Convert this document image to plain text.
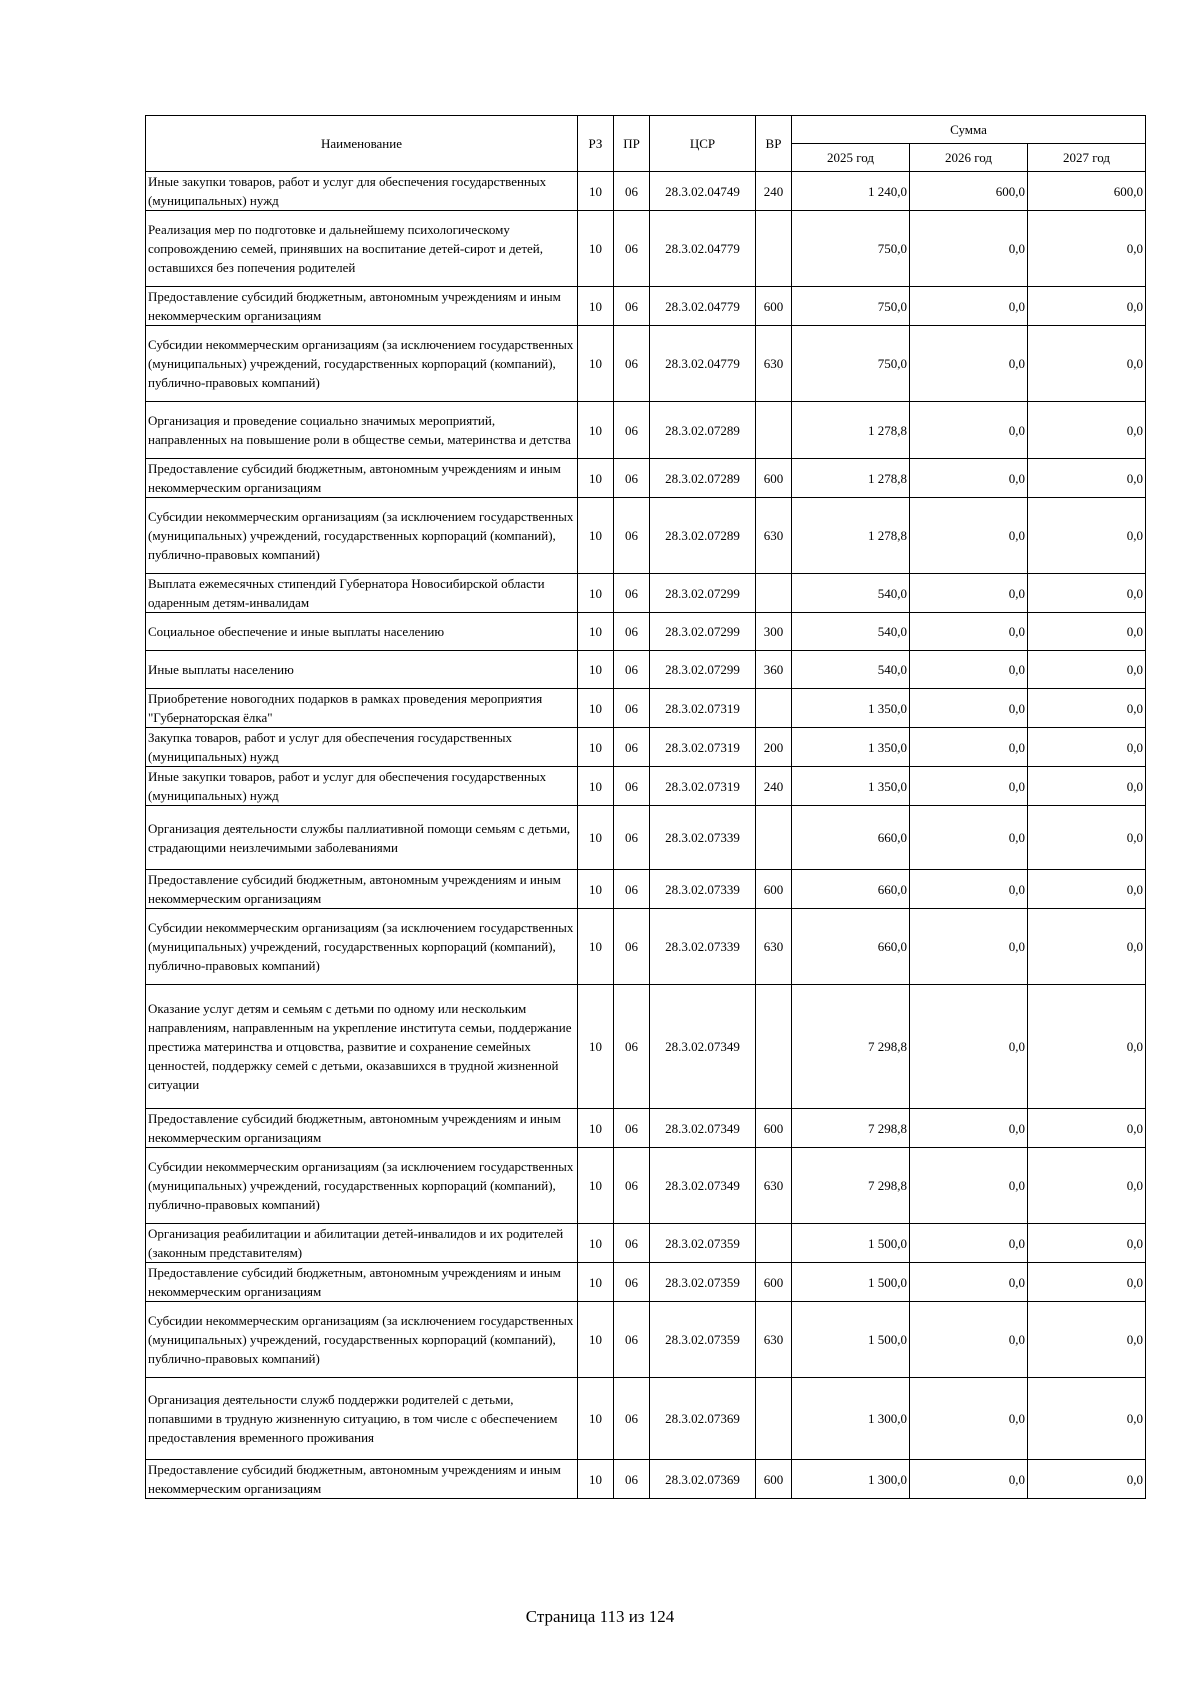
Наименование	РЗ	ПР	ЦСР	ВР	Сумма		
					2025 год	2026 год	2027 год
Иные закупки товаров, работ и услуг для обеспечения государственных (муниципальных) нужд	10	06	28.3.02.04749	240	1 240,0	600,0	600,0
Реализация мер по подготовке и дальнейшему психологическому сопровождению семей, принявших на воспитание детей-сирот и детей, оставшихся без попечения родителей	10	06	28.3.02.04779		750,0	0,0	0,0
Предоставление субсидий бюджетным, автономным учреждениям и иным некоммерческим организациям	10	06	28.3.02.04779	600	750,0	0,0	0,0
Субсидии некоммерческим организациям (за исключением государственных (муниципальных) учреждений, государственных корпораций (компаний), публично-правовых компаний)	10	06	28.3.02.04779	630	750,0	0,0	0,0
Организация и проведение социально значимых мероприятий, направленных на повышение роли в обществе семьи, материнства и детства	10	06	28.3.02.07289		1 278,8	0,0	0,0
Предоставление субсидий бюджетным, автономным учреждениям и иным некоммерческим организациям	10	06	28.3.02.07289	600	1 278,8	0,0	0,0
Субсидии некоммерческим организациям (за исключением государственных (муниципальных) учреждений, государственных корпораций (компаний), публично-правовых компаний)	10	06	28.3.02.07289	630	1 278,8	0,0	0,0
Выплата ежемесячных стипендий Губернатора Новосибирской области одаренным детям-инвалидам	10	06	28.3.02.07299		540,0	0,0	0,0
Социальное обеспечение и иные выплаты населению	10	06	28.3.02.07299	300	540,0	0,0	0,0
Иные выплаты населению	10	06	28.3.02.07299	360	540,0	0,0	0,0
Приобретение новогодних подарков в рамках проведения мероприятия "Губернаторская ёлка"	10	06	28.3.02.07319		1 350,0	0,0	0,0
Закупка товаров, работ и услуг для обеспечения государственных (муниципальных) нужд	10	06	28.3.02.07319	200	1 350,0	0,0	0,0
Иные закупки товаров, работ и услуг для обеспечения государственных (муниципальных) нужд	10	06	28.3.02.07319	240	1 350,0	0,0	0,0
Организация деятельности службы паллиативной помощи семьям с детьми, страдающими неизлечимыми заболеваниями	10	06	28.3.02.07339		660,0	0,0	0,0
Предоставление субсидий бюджетным, автономным учреждениям и иным некоммерческим организациям	10	06	28.3.02.07339	600	660,0	0,0	0,0
Субсидии некоммерческим организациям (за исключением государственных (муниципальных) учреждений, государственных корпораций (компаний), публично-правовых компаний)	10	06	28.3.02.07339	630	660,0	0,0	0,0
Оказание услуг детям и семьям с детьми по одному или нескольким направлениям, направленным на укрепление института семьи, поддержание престижа материнства и отцовства, развитие и сохранение семейных ценностей, поддержку семей с детьми, оказавшихся в трудной жизненной ситуации	10	06	28.3.02.07349		7 298,8	0,0	0,0
Предоставление субсидий бюджетным, автономным учреждениям и иным некоммерческим организациям	10	06	28.3.02.07349	600	7 298,8	0,0	0,0
Субсидии некоммерческим организациям (за исключением государственных (муниципальных) учреждений, государственных корпораций (компаний), публично-правовых компаний)	10	06	28.3.02.07349	630	7 298,8	0,0	0,0
Организация реабилитации и абилитации детей-инвалидов и их родителей (законным представителям)	10	06	28.3.02.07359		1 500,0	0,0	0,0
Предоставление субсидий бюджетным, автономным учреждениям и иным некоммерческим организациям	10	06	28.3.02.07359	600	1 500,0	0,0	0,0
Субсидии некоммерческим организациям (за исключением государственных (муниципальных) учреждений, государственных корпораций (компаний), публично-правовых компаний)	10	06	28.3.02.07359	630	1 500,0	0,0	0,0
Организация деятельности служб поддержки родителей с детьми, попавшими в трудную жизненную ситуацию, в том числе с обеспечением предоставления временного проживания	10	06	28.3.02.07369		1 300,0	0,0	0,0
Предоставление субсидий бюджетным, автономным учреждениям и иным некоммерческим организациям	10	06	28.3.02.07369	600	1 300,0	0,0	0,0
Страница 113 из 124
